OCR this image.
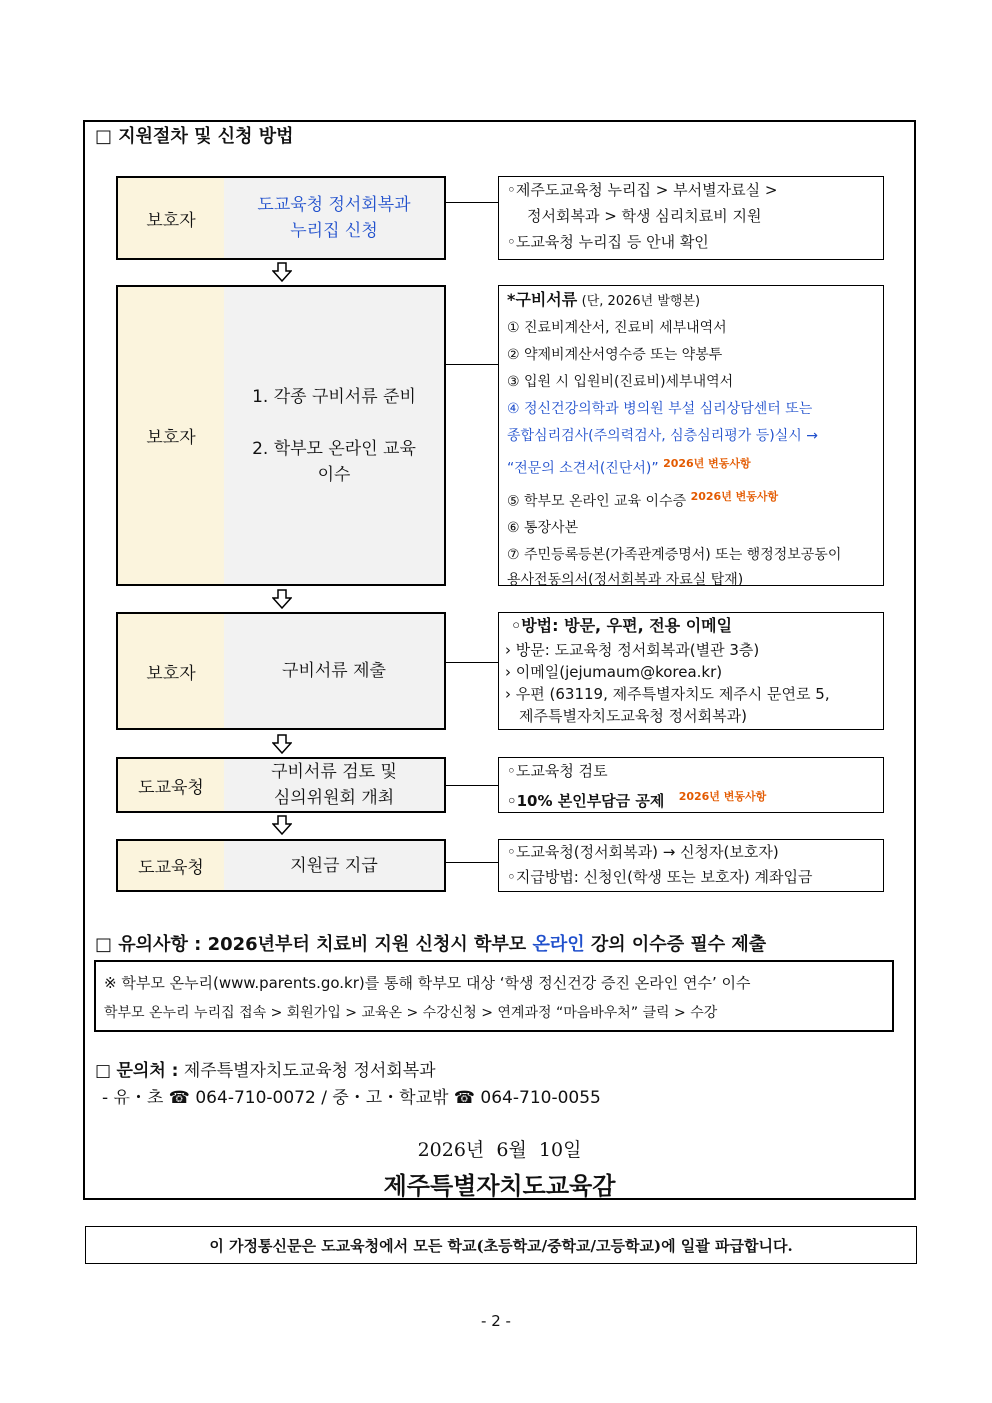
□ 지원절차 및 신청 방법
보호자
도교육청 정서회복과
누리집 신청
◦제주도교육청 누리집 > 부서별자료실 >
정서회복과 > 학생 심리치료비 지원
◦도교육청 누리집 등 안내 확인
보호자
1. 각종 구비서류 준비
2. 학부모 온라인 교육
이수
*구비서류 (단, 2026년 발행본)
① 진료비계산서, 진료비 세부내역서
② 약제비계산서영수증 또는 약봉투
③ 입원 시 입원비(진료비)세부내역서
④ 정신건강의학과 병의원 부설 심리상담센터 또는
종합심리검사(주의력검사, 심층심리평가 등)실시 →
“전문의 소견서(진단서)” $^{2026년 변동사항}$
⑤ 학부모 온라인 교육 이수증 $^{2026년 변동사항}$
⑥ 통장사본
⑦ 주민등록등본(가족관계증명서) 또는 행정정보공동이
용사전동의서(정서회복과 자료실 탑재)
보호자	구비서류 제출
◦방법: 방문, 우편, 전용 이메일
› 방문: 도교육청 정서회복과(별관 3층)
› 이메일(jejumaum@korea.kr)
› 우편 (63119, 제주특별자치도 제주시 문연로 5,
제주특별자치도교육청 정서회복과)
도교육청
구비서류 검토 및
심의위원회 개최
◦도교육청 검토
◦10% 본인부담금 공제 $^{2026년 변동사항}$
도교육청	지원금 지급
◦도교육청(정서회복과) → 신청자(보호자)
◦지급방법: 신청인(학생 또는 보호자) 계좌입금
□ 유의사항 : 2026년부터 치료비 지원 신청시 학부모 온라인 강의 이수증 필수 제출
※ 학부모 온누리(www.parents.go.kr)를 통해 학부모 대상 ‘학생 정신건강 증진 온라인 연수’ 이수
학부모 온누리 누리집 접속 > 회원가입 > 교육온 > 수강신청 > 연계과정 “마음바우처” 클릭 > 수강
□ 문의처 : 제주특별자치도교육청 정서회복과
- 유・초 ☎ 064-710-0072 / 중・고・학교밖 ☎ 064-710-0055
2026년  6월  10일
제주특별자치도교육감
이 가정통신문은 도교육청에서 모든 학교(초등학교/중학교/고등학교)에 일괄 파급합니다.
- 2 -
